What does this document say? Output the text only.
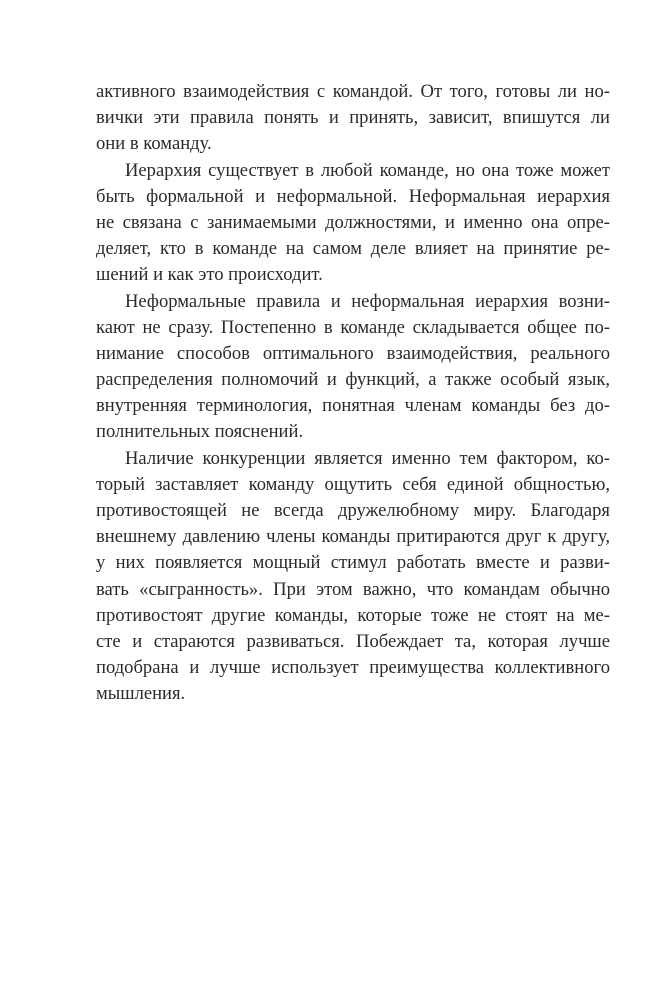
активного взаимодействия с командой. От того, готовы ли но-
вички эти правила понять и принять, зависит, впишутся ли
они в команду.
Иерархия существует в любой команде, но она тоже может
быть формальной и неформальной. Неформальная иерархия
не связана с занимаемыми должностями, и именно она опре-
деляет, кто в команде на самом деле влияет на принятие ре-
шений и как это происходит.
Неформальные правила и неформальная иерархия возни-
кают не сразу. Постепенно в команде складывается общее по-
нимание способов оптимального взаимодействия, реального
распределения полномочий и функций, а также особый язык,
внутренняя терминология, понятная членам команды без до-
полнительных пояснений.
Наличие конкуренции является именно тем фактором, ко-
торый заставляет команду ощутить себя единой общностью,
противостоящей не всегда дружелюбному миру. Благодаря
внешнему давлению члены команды притираются друг к другу,
у них появляется мощный стимул работать вместе и разви-
вать «сыгранность». При этом важно, что командам обычно
противостоят другие команды, которые тоже не стоят на ме-
сте и стараются развиваться. Побеждает та, которая лучше
подобрана и лучше использует преимущества коллективного
мышления.
